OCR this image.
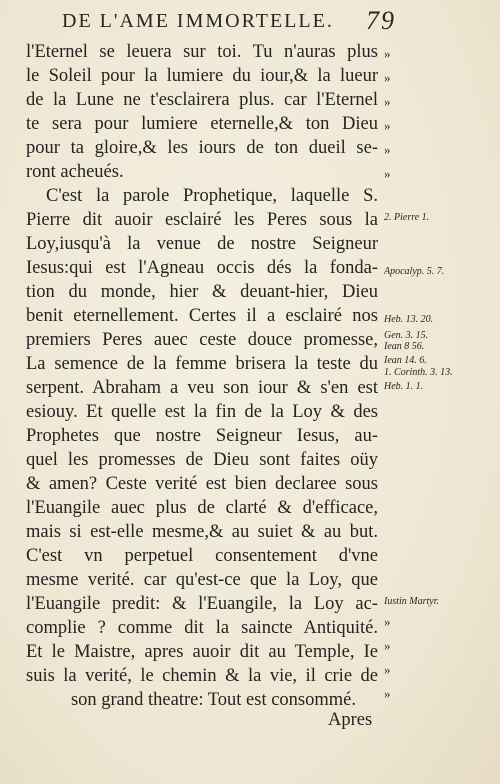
DE L'AME IMMORTELLE. 79
l'Eternel se leuera sur toi. Tu n'auras plus
le Soleil pour la lumiere du iour,& la lueur
de la Lune ne t'esclairera plus. car l'Eternel
te sera pour lumiere eternelle,& ton Dieu
pour ta gloire,& les iours de ton dueil se-
ront acheués.
C'est la parole Prophetique, laquelle S.
Pierre dit auoir esclairé les Peres sous la
Loy,iusqu'à la venue de nostre Seigneur
Iesus:qui est l'Agneau occis dés la fonda-
tion du monde, hier & deuant-hier, Dieu
benit eternellement. Certes il a esclairé nos
premiers Peres auec ceste douce promesse,
La semence de la femme brisera la teste du
serpent. Abraham a veu son iour & s'en est
esiouy. Et quelle est la fin de la Loy & des
Prophetes que nostre Seigneur Iesus, au-
quel les promesses de Dieu sont faites oüy
& amen? Ceste verité est bien declaree sous
l'Euangile auec plus de clarté & d'efficace,
mais si est-elle mesme,& au suiet & au but.
C'est vn perpetuel consentement d'vne
mesme verité. car qu'est-ce que la Loy, que
l'Euangile predit: & l'Euangile, la Loy ac-
complie ? comme dit la saincte Antiquité.
Et le Maistre, apres auoir dit au Temple, Ie
suis la verité, le chemin & la vie, il crie de
son grand theatre: Tout est consommé.
»
»
»
»
»
»
»
»
»
»
2. Pierre 1.
Apocalyp. 5. 7.
Heb. 13. 20.
Gen. 3. 15.
Iean 8 56.
Iean 14. 6.
1. Corinth. 3. 13.
Heb. 1. 1.
Iustin Martyr.
Apres
